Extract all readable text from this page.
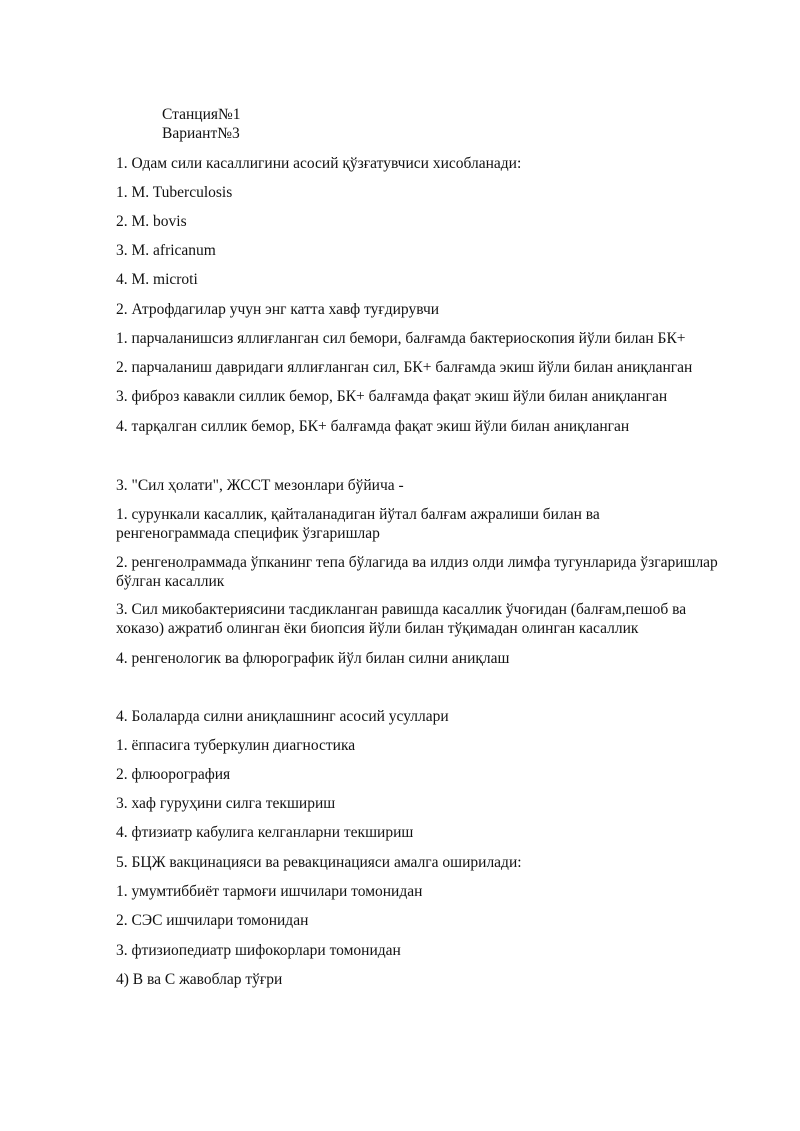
Станция№1
Вариант№3
1. Одам сили касаллигини асосий қўзғатувчиси хисобланади:
1. M. Tuberculosis
2. M. bovis
3. M. africanum
4. M. microti
2. Атрофдагилар учун энг катта хавф туғдирувчи
1. парчаланишсиз яллиғланган сил бемори, балғамда бактериоскопия йўли билан БК+
2. парчаланиш давридаги яллиғланган сил, БК+ балғамда экиш йўли билан аниқланган
3. фиброз кавакли силлик бемор, БК+ балғамда фақат экиш йўли билан аниқланган
4. тарқалган силлик бемор, БК+ балғамда фақат экиш йўли билан аниқланган
3. "Сил ҳолати", ЖССТ мезонлари бўйича -
1. сурункали касаллик, қайталанадиган йўтал балғам ажралиши билан ва ренгенограммада специфик ўзгаришлар
2. ренгенолраммада ўпканинг тепа бўлагида ва илдиз олди лимфа тугунларида ўзгаришлар бўлган касаллик
3. Сил микобактериясини тасдикланган равишда касаллик ўчоғидан (балғам,пешоб ва хоказо) ажратиб олинган ёки биопсия йўли билан тўқимадан олинган касаллик
4. ренгенологик ва флюрографик йўл билан силни аниқлаш
4. Болаларда силни аниқлашнинг асосий усуллари
1. ёппасига туберкулин диагностика
2. флюорография
3. хаф гуруҳини силга текшириш
4. фтизиатр кабулига келганларни текшириш
5. БЦЖ вакцинацияси ва ревакцинацияси амалга оширилади:
1. умумтиббиёт тармоғи ишчилари томонидан
2. СЭС ишчилари томонидан
3. фтизиопедиатр шифокорлари томонидан
4) В ва С жавоблар тўғри
